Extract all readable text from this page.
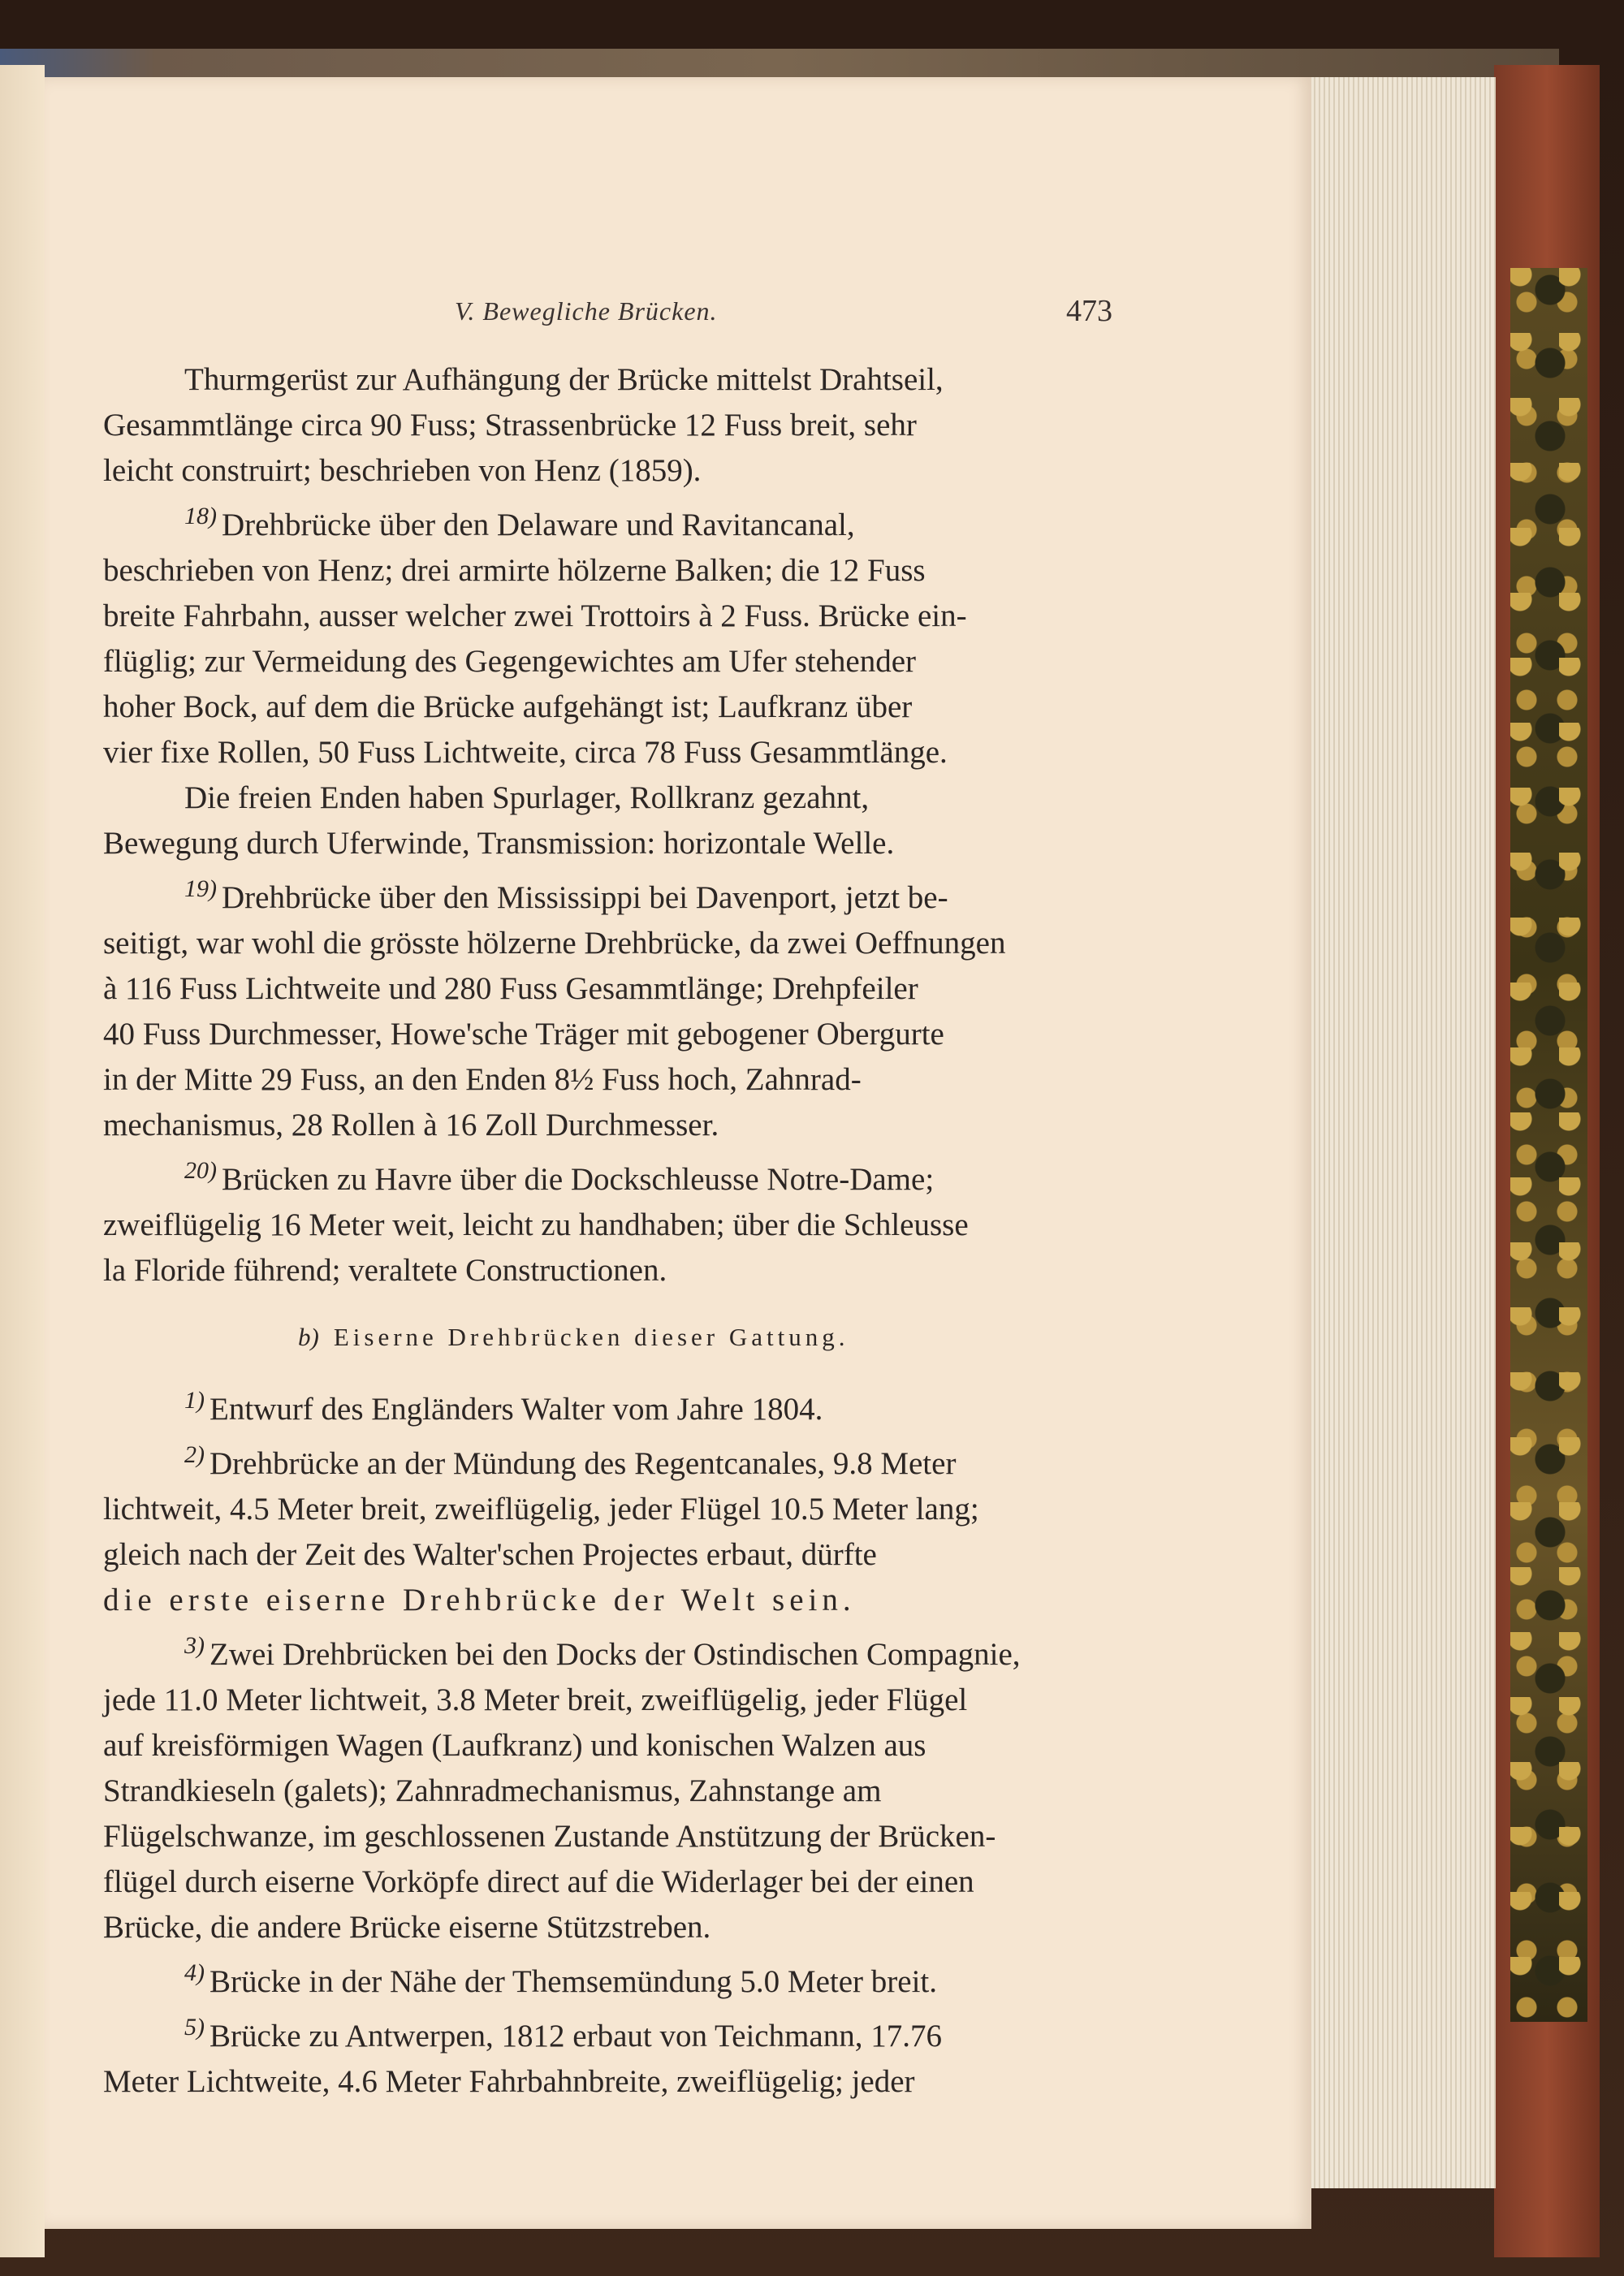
V. Bewegliche Brücken.	473

Thurmgerüst zur Aufhängung der Brücke mittelst Drahtseil,
Gesammtlänge circa 90 Fuss; Strassenbrücke 12 Fuss breit, sehr
leicht construirt; beschrieben von Henz (1859).

$^{18)}$ Drehbrücke über den Delaware und Ravitancanal,
beschrieben von Henz; drei armirte hölzerne Balken; die 12 Fuss
breite Fahrbahn, ausser welcher zwei Trottoirs à 2 Fuss. Brücke ein-
flüglig; zur Vermeidung des Gegengewichtes am Ufer stehender
hoher Bock, auf dem die Brücke aufgehängt ist; Laufkranz über
vier fixe Rollen, 50 Fuss Lichtweite, circa 78 Fuss Gesammtlänge.

Die freien Enden haben Spurlager, Rollkranz gezahnt,
Bewegung durch Uferwinde, Transmission: horizontale Welle.

$^{19)}$ Drehbrücke über den Mississippi bei Davenport, jetzt be-
seitigt, war wohl die grösste hölzerne Drehbrücke, da zwei Oeffnungen
à 116 Fuss Lichtweite und 280 Fuss Gesammtlänge; Drehpfeiler
40 Fuss Durchmesser, Howe'sche Träger mit gebogener Obergurte
in der Mitte 29 Fuss, an den Enden 8½ Fuss hoch, Zahnrad-
mechanismus, 28 Rollen à 16 Zoll Durchmesser.

$^{20)}$ Brücken zu Havre über die Dockschleusse Notre-Dame;
zweiflügelig 16 Meter weit, leicht zu handhaben; über die Schleusse
la Floride führend; veraltete Constructionen.

b) Eiserne Drehbrücken dieser Gattung.

$^{1)}$ Entwurf des Engländers Walter vom Jahre 1804.

$^{2)}$ Drehbrücke an der Mündung des Regentcanales, 9.8 Meter
lichtweit, 4.5 Meter breit, zweiflügelig, jeder Flügel 10.5 Meter lang;
gleich nach der Zeit des Walter'schen Projectes erbaut, dürfte
die erste eiserne Drehbrücke der Welt sein.

$^{3)}$ Zwei Drehbrücken bei den Docks der Ostindischen Compagnie,
jede 11.0 Meter lichtweit, 3.8 Meter breit, zweiflügelig, jeder Flügel
auf kreisförmigen Wagen (Laufkranz) und konischen Walzen aus
Strandkieseln (galets); Zahnradmechanismus, Zahnstange am
Flügelschwanze, im geschlossenen Zustande Anstützung der Brücken-
flügel durch eiserne Vorköpfe direct auf die Widerlager bei der einen
Brücke, die andere Brücke eiserne Stützstreben.

$^{4)}$ Brücke in der Nähe der Themsemündung 5.0 Meter breit.

$^{5)}$ Brücke zu Antwerpen, 1812 erbaut von Teichmann, 17.76
Meter Lichtweite, 4.6 Meter Fahrbahnbreite, zweiflügelig; jeder
